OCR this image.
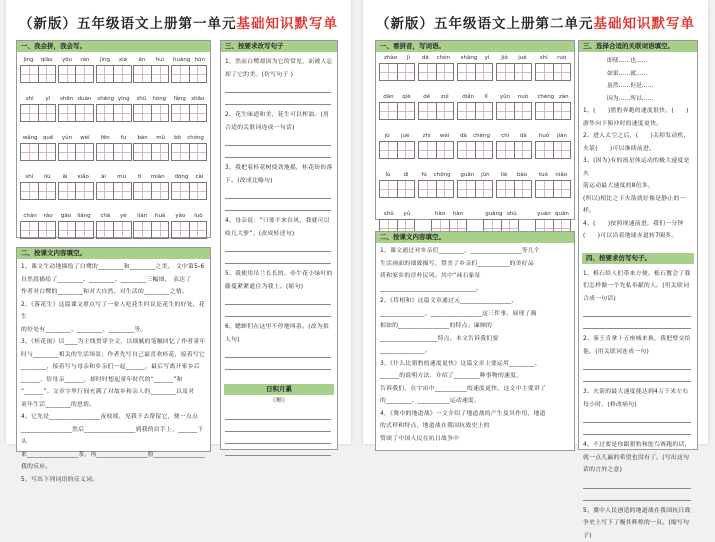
（新版）五年级语文上册第一单元基础知识默写单
一、我会拼，我会写。
jìng qiāo yōu rán jìng xiá ān huì huáng hūn
shì yī shēn duàn shēng yìng zhū hóng fǎng shāo
wǎng quē yùn wèi fēn fu bàn mǔ bō chóng
shí liú āi xiǎo ài mù tī miàn dōng cài
chán rào gāo liáng chā yè lián huā yáo luò
二、按课文内容填空。
1、课文生动地描绘了白鹭的________和________之美。 文中第5-6
自然段描绘了________、________、________三幅图， 表达了
作者对白鹭的________和对大自然、对生活的________之情。
2、《落花生》这篇课文重点写了一家人吃花生时议论花生的好处，花生
的好处有________、________、________等。
3、《桂花雨》以____为主线贯穿全文，以细腻的笔触回忆了作者童年
时与________相关的生活场景；作者先写自己最喜欢桂花，接着写它
________，接着写与母亲和乡亲们一起______，最后写离开家乡后
______，给母亲______，却时时想起童年时代的“______”和
“______”。文章字里行间充满了对故乡和亲人的________以及对
童年生活________的思情。
4、它先是________________夜枝摇，见我不去帮留它，便一点点
________________然后________________到我的肩手上，______下头
来________________茶，再________________脸________________我的反应。
5、写出下列词语的反义词。
三、按要求改写句子
1、然而白鹭却因为它的常见，而被人忘却了它的美。(仿写句子 )
2、花生味道和美，花生可以榨油。(用合适的关联词连成一句话)
3、我把着桂花树使劲地摇，桂花纷纷落下。(改成比喻句)
4、母亲说：“只要不来台风，我就可以收几大箩”。(改成转述句)
5、我便用吊兰长长的、牵牛花小绿叶的藤蔓紧紧遮住为我上。(缩句)
6、蟋蟀们在这里不停地叫着。(改为拟人句)
日积月累
《蝉》
（新版）五年级语文上册第二单元基础知识默写单
一、看拼音，写词语。
zhào jì dà chén shāng yì jiǒ jué shí ruò
dān qiè dé zuì diǎn lǐ yǔn nuò chéng zàn
jù jué zhí wèi dà chéng chí dà huǒ jiàn
lù dì fú chōng guān jūn liè bào tuó niǎo
shū yú	hào hàn	guāng shù	yuán quān
二、按课文内容填空。
1、课文通过对乡亲们________、________________等几个
生活画面的细致描写，赞美了乡亲们__________的美好品
质和家乡的淳朴民风。其中“袜石象征
______________________________。
2、《将相和》这篇文章通过元________________、
______________、________________这三件事，展现了蔺
相如的________________的特点；廉颇的
__________________特点。本文告诉我们要
______________。
3、《什么比猎豹的速度更快》这篇文章主要运用________、
______的说明方法，介绍了________种事物的速度，
告诉我们，在宇宙中__________的速度更快。这文中主要讲了
的________、__________运动速度。
4、《冀中的地道战》一文介绍了地道战的产生及其作用、地道
的式样和特点，地道战在我国抗战史上的
赞颂了中国人民在抗日战争中
三、选择合适的关联词语填空。
即使……也……
如果……就……
虽然……但是……
因为……所以……
1、(　　)猎豹奔跑的速度很快，(　　)
游隼向下俯冲时的速度更快。
2、进入太空之后，(　　)关掉发动机，
火箭(　　)可以继续前进。
3、(因为)有的流星体运动的极大速度是火
箭运动最大速度的8倍多，
(所以)相比之下火箭就好像是静止的一
样。
4、(　　)按照现速前进，我们一分钟
(　　)可以沿着地球赤道转7圈多。
四、按要求仿写句子。
1、栎石给人们带来方便。栎石教会了我们怎样做一个先私奉献的人。(用关联词合成一句话)
2、秦王肯拿十五座城来换，我把璧交给他。(用关联词连成一句)
3、火箭的最大速度能达到4万千米左右每小时。(修改病句)
4、不过要是你跟猎豹和鸵鸟赛跑的话，就一点儿赢的希望也没有了。(写出这句话的言外之意)
5、冀中人民创造的地道战在我国抗日战争史上写下了极其辉煌的一页。(缩写句子)
